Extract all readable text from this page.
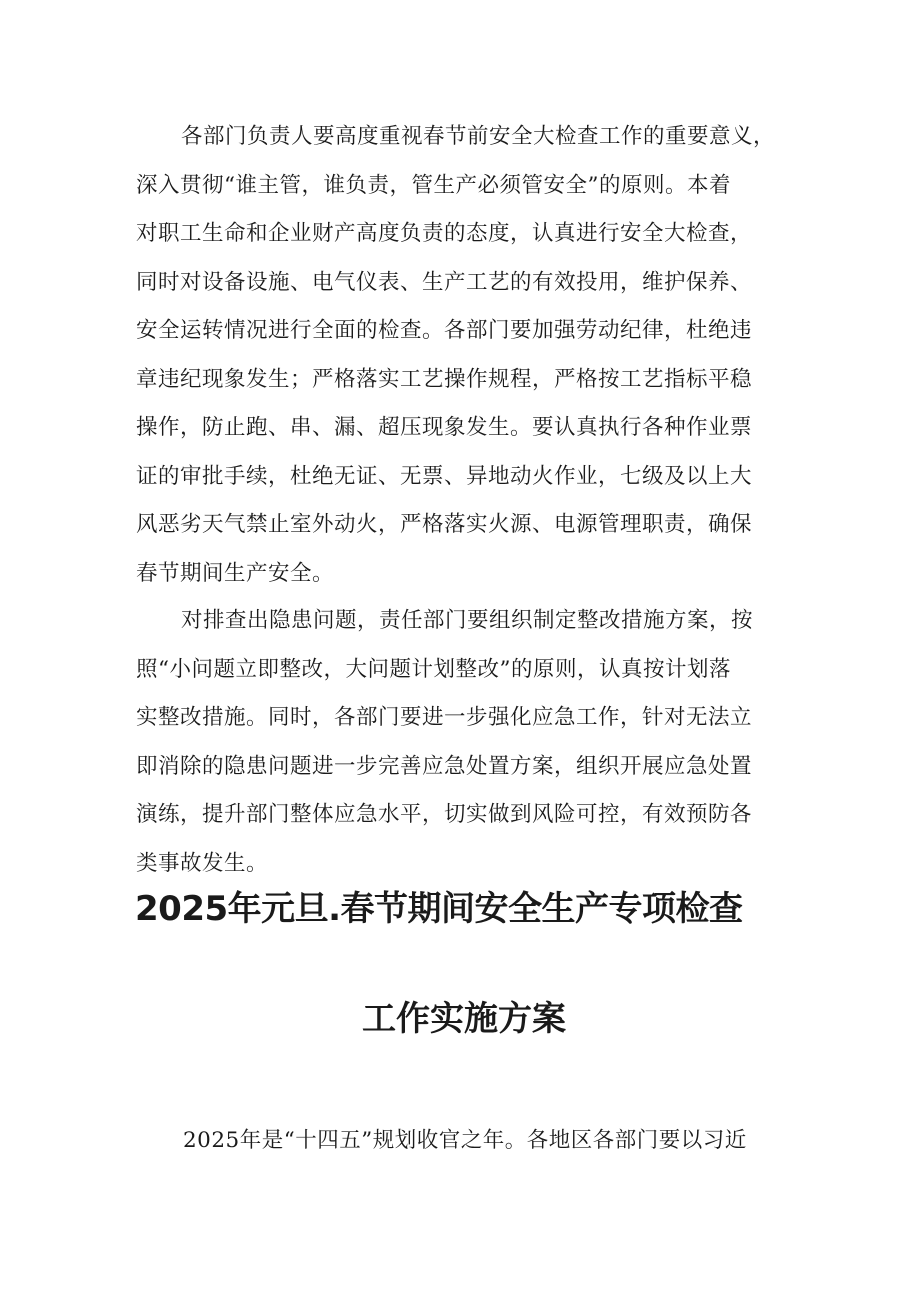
各部门负责人要高度重视春节前安全大检查工作的重要意义，
深入贯彻“谁主管，谁负责，管生产必须管安全”的原则。本着
对职工生命和企业财产高度负责的态度，认真进行安全大检查，
同时对设备设施、电气仪表、生产工艺的有效投用，维护保养、
安全运转情况进行全面的检查。各部门要加强劳动纪律，杜绝违
章违纪现象发生；严格落实工艺操作规程，严格按工艺指标平稳
操作，防止跑、串、漏、超压现象发生。要认真执行各种作业票
证的审批手续，杜绝无证、无票、异地动火作业，七级及以上大
风恶劣天气禁止室外动火，严格落实火源、电源管理职责，确保
春节期间生产安全。
对排查出隐患问题，责任部门要组织制定整改措施方案，按
照“小问题立即整改，大问题计划整改”的原则，认真按计划落
实整改措施。同时，各部门要进一步强化应急工作，针对无法立
即消除的隐患问题进一步完善应急处置方案，组织开展应急处置
演练，提升部门整体应急水平，切实做到风险可控，有效预防各
类事故发生。
2025年元旦.春节期间安全生产专项检查
工作实施方案

2025年是“十四五”规划收官之年。各地区各部门要以习近
